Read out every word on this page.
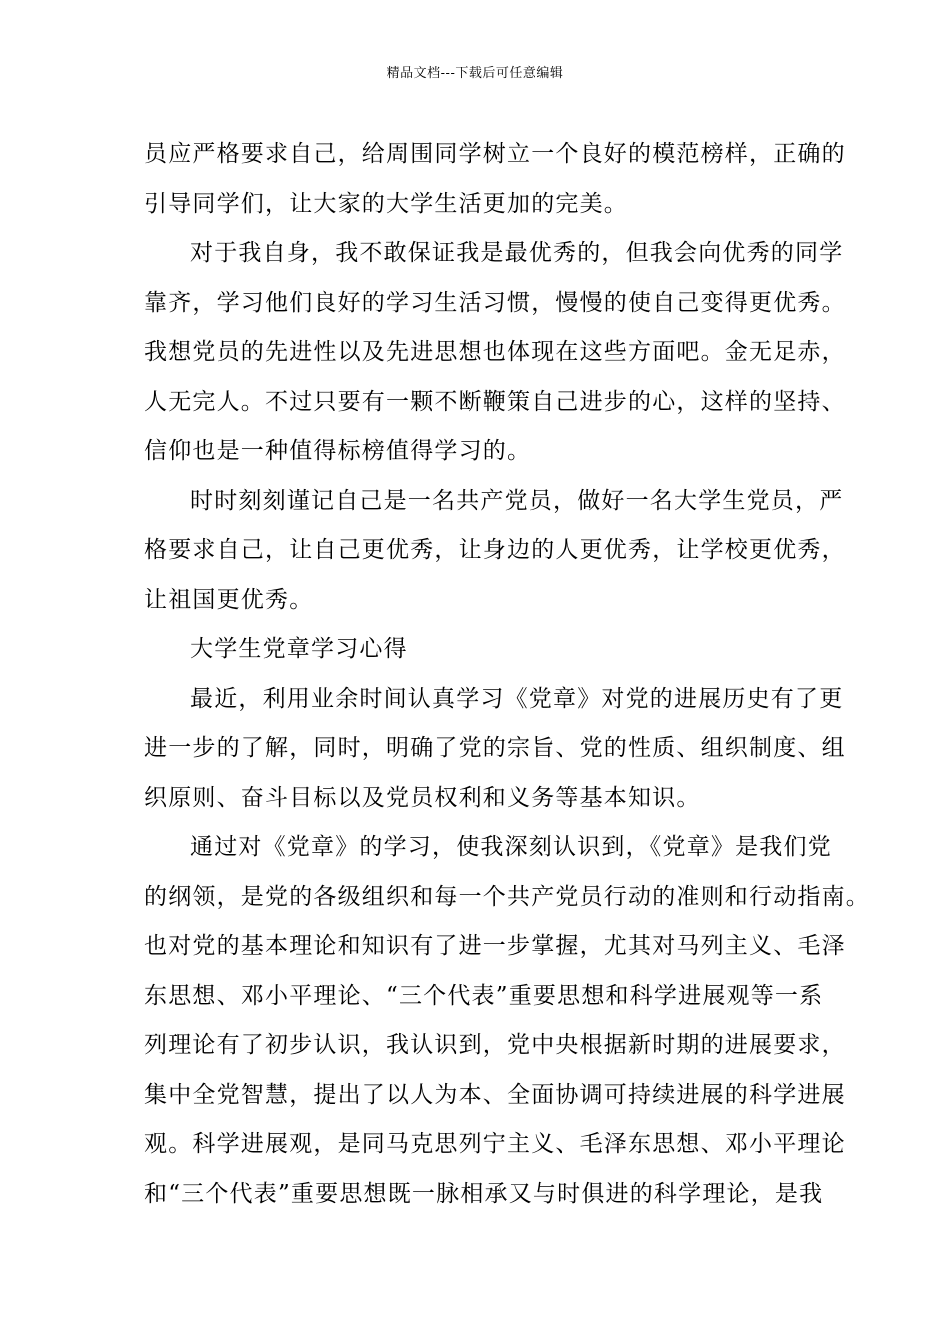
精品文档---下载后可任意编辑
员应严格要求自己，给周围同学树立一个良好的模范榜样，正确的
引导同学们，让大家的大学生活更加的完美。
对于我自身，我不敢保证我是最优秀的，但我会向优秀的同学
靠齐，学习他们良好的学习生活习惯，慢慢的使自己变得更优秀。
我想党员的先进性以及先进思想也体现在这些方面吧。金无足赤，
人无完人。不过只要有一颗不断鞭策自己进步的心，这样的坚持、
信仰也是一种值得标榜值得学习的。
时时刻刻谨记自己是一名共产党员，做好一名大学生党员，严
格要求自己，让自己更优秀，让身边的人更优秀，让学校更优秀，
让祖国更优秀。
大学生党章学习心得
最近，利用业余时间认真学习《党章》对党的进展历史有了更
进一步的了解，同时，明确了党的宗旨、党的性质、组织制度、组
织原则、奋斗目标以及党员权利和义务等基本知识。
通过对《党章》的学习，使我深刻认识到，《党章》是我们党
的纲领，是党的各级组织和每一个共产党员行动的准则和行动指南。
也对党的基本理论和知识有了进一步掌握，尤其对马列主义、毛泽
东思想、邓小平理论、“三个代表”重要思想和科学进展观等一系
列理论有了初步认识，我认识到，党中央根据新时期的进展要求，
集中全党智慧，提出了以人为本、全面协调可持续进展的科学进展
观。科学进展观，是同马克思列宁主义、毛泽东思想、邓小平理论
和“三个代表”重要思想既一脉相承又与时俱进的科学理论，是我
